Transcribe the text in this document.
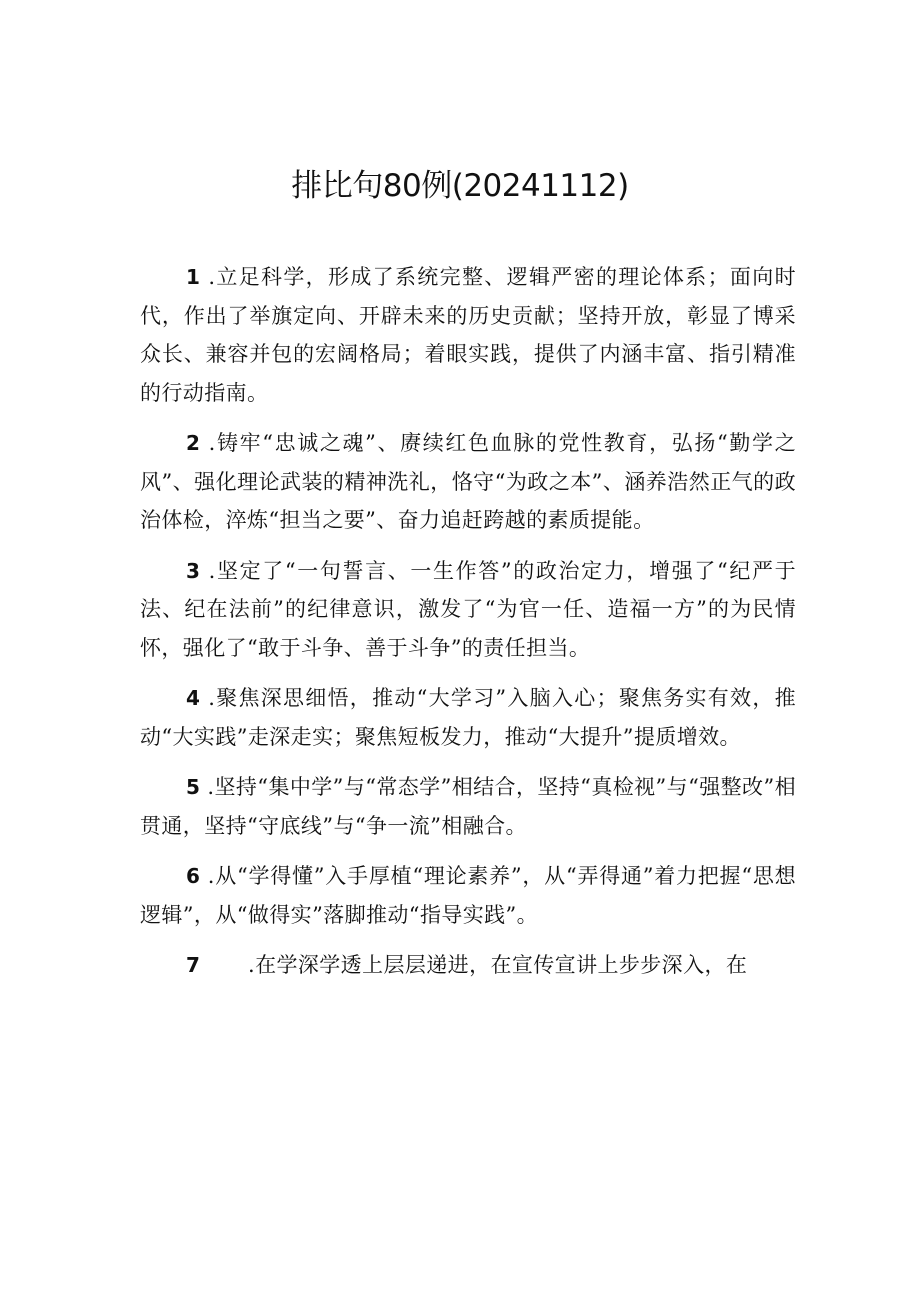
排比句80例(20241112)

1 .立足科学，形成了系统完整、逻辑严密的理论体系；面向时代，作出了举旗定向、开辟未来的历史贡献；坚持开放，彰显了博采众长、兼容并包的宏阔格局；着眼实践，提供了内涵丰富、指引精准的行动指南。

2 .铸牢“忠诚之魂”、赓续红色血脉的党性教育，弘扬“勤学之风”、强化理论武装的精神洗礼，恪守“为政之本”、涵养浩然正气的政治体检，淬炼“担当之要”、奋力追赶跨越的素质提能。

3 .坚定了“一句誓言、一生作答”的政治定力，增强了“纪严于法、纪在法前”的纪律意识，激发了“为官一任、造福一方”的为民情怀，强化了“敢于斗争、善于斗争”的责任担当。

4 .聚焦深思细悟，推动“大学习”入脑入心；聚焦务实有效，推动“大实践”走深走实；聚焦短板发力，推动“大提升”提质增效。

5 .坚持“集中学”与“常态学”相结合，坚持“真检视”与“强整改”相贯通，坚持“守底线”与“争一流”相融合。

6 .从“学得懂”入手厚植“理论素养”，从“弄得通”着力把握“思想逻辑”，从“做得实”落脚推动“指导实践”。

7 .在学深学透上层层递进，在宣传宣讲上步步深入，在
